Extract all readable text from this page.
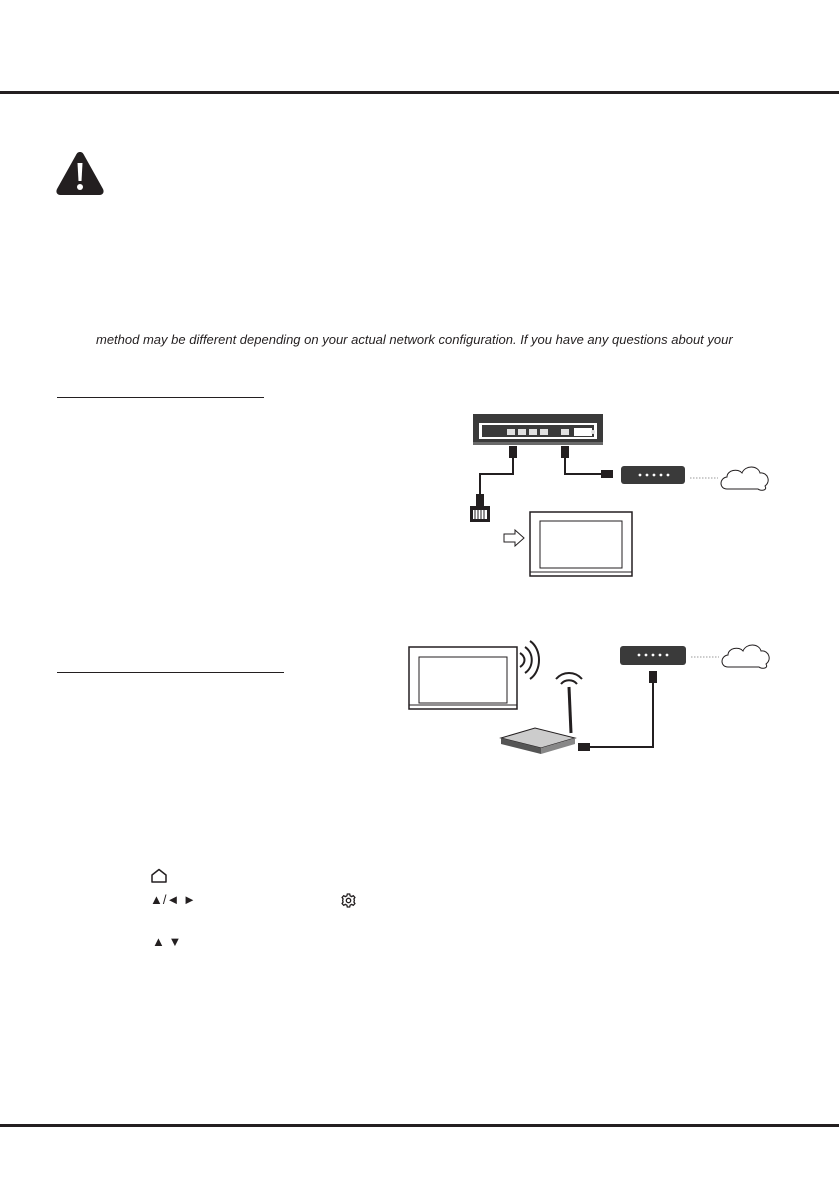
method may be different depending on your actual network configuration. If you have any questions about your
▲/◄ ►
▲ ▼
